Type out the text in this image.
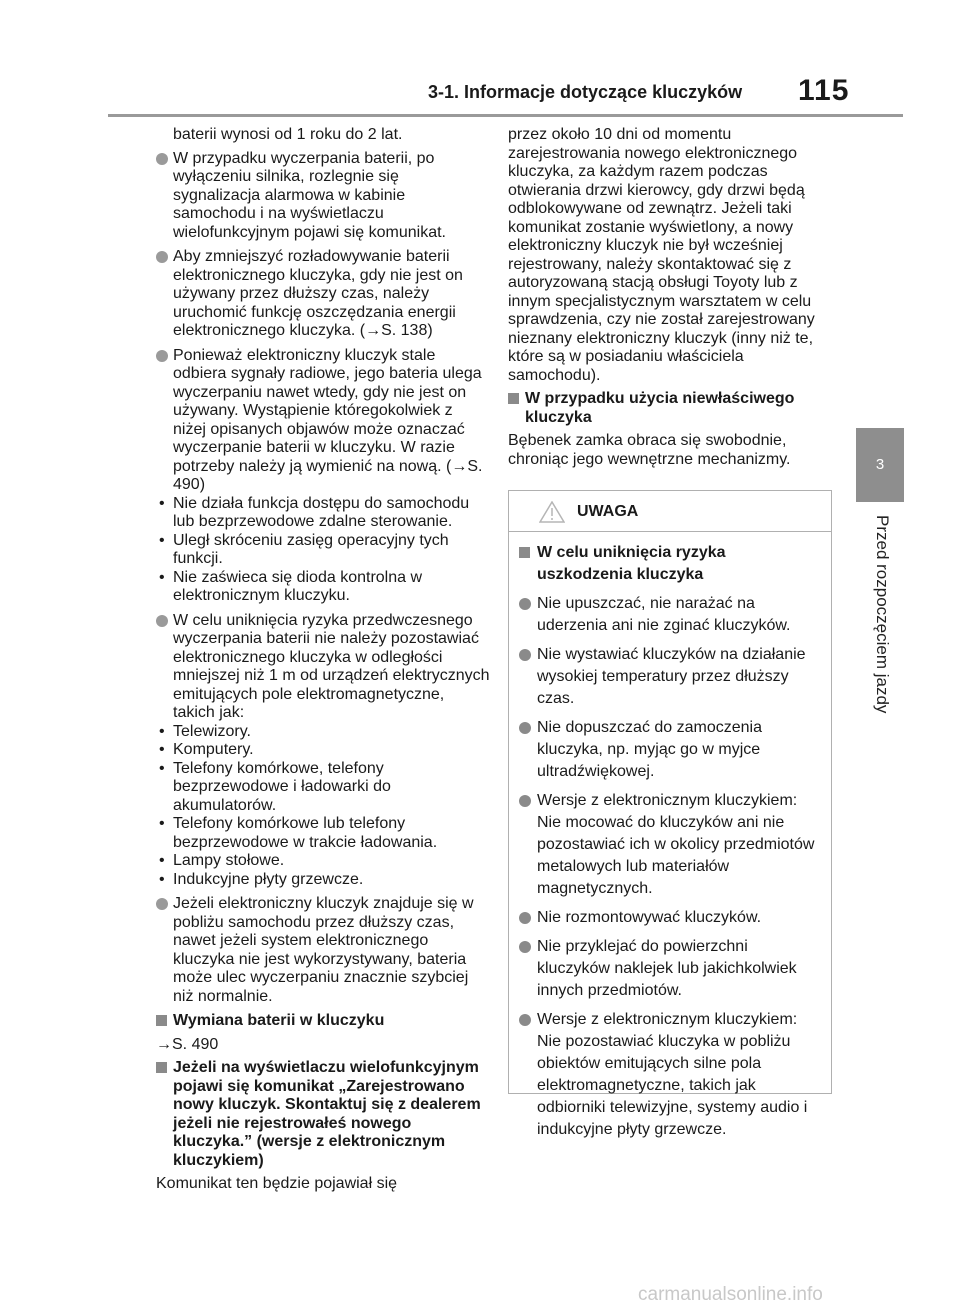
3-1. Informacje dotyczące kluczyków 115
3
Przed rozpoczęciem jazdy

baterii wynosi od 1 roku do 2 lat.

W przypadku wyczerpania baterii, po wyłączeniu silnika, rozlegnie się sygnalizacja alarmowa w kabinie samochodu i na wyświetlaczu wielofunkcyjnym pojawi się komunikat.

Aby zmniejszyć rozładowywanie baterii elektronicznego kluczyka, gdy nie jest on używany przez dłuższy czas, należy uruchomić funkcję oszczędzania energii elektronicznego kluczyka. (→S. 138)

Ponieważ elektroniczny kluczyk stale odbiera sygnały radiowe, jego bateria ulega wyczerpaniu nawet wtedy, gdy nie jest on używany. Wystąpienie któregokolwiek z niżej opisanych objawów może oznaczać wyczerpanie baterii w kluczyku. W razie potrzeby należy ją wymienić na nową. (→S. 490)

• Nie działa funkcja dostępu do samochodu lub bezprzewodowe zdalne sterowanie.

• Uległ skróceniu zasięg operacyjny tych funkcji.

• Nie zaświeca się dioda kontrolna w elektronicznym kluczyku.

W celu uniknięcia ryzyka przedwczesnego wyczerpania baterii nie należy pozostawiać elektronicznego kluczyka w odległości mniejszej niż 1 m od urządzeń elektrycznych emitujących pole elektromagnetyczne, takich jak:

• Telewizory.

• Komputery.

• Telefony komórkowe, telefony bezprzewodowe i ładowarki do akumulatorów.

• Telefony komórkowe lub telefony bezprzewodowe w trakcie ładowania.

• Lampy stołowe.

• Indukcyjne płyty grzewcze.

Jeżeli elektroniczny kluczyk znajduje się w pobliżu samochodu przez dłuższy czas, nawet jeżeli system elektronicznego kluczyka nie jest wykorzystywany, bateria może ulec wyczerpaniu znacznie szybciej niż normalnie.

Wymiana baterii w kluczyku

→S. 490

Jeżeli na wyświetlaczu wielofunkcyjnym pojawi się komunikat „Zarejestrowano nowy kluczyk. Skontaktuj się z dealerem jeżeli nie rejestrowałeś nowego kluczyka.” (wersje z elektronicznym kluczykiem)

Komunikat ten będzie pojawiał się

przez około 10 dni od momentu zarejestrowania nowego elektronicznego kluczyka, za każdym razem podczas otwierania drzwi kierowcy, gdy drzwi będą odblokowywane od zewnątrz. Jeżeli taki komunikat zostanie wyświetlony, a nowy elektroniczny kluczyk nie był wcześniej rejestrowany, należy skontaktować się z autoryzowaną stacją obsługi Toyoty lub z innym specjalistycznym warsztatem w celu sprawdzenia, czy nie został zarejestrowany nieznany elektroniczny kluczyk (inny niż te, które są w posiadaniu właściciela samochodu).

W przypadku użycia niewłaściwego kluczyka

Bębenek zamka obraca się swobodnie, chroniąc jego wewnętrzne mechanizmy.

UWAGA

W celu uniknięcia ryzyka uszkodzenia kluczyka

Nie upuszczać, nie narażać na uderzenia ani nie zginać kluczyków.

Nie wystawiać kluczyków na działanie wysokiej temperatury przez dłuższy czas.

Nie dopuszczać do zamoczenia kluczyka, np. myjąc go w myjce ultradźwiękowej.

Wersje z elektronicznym kluczykiem: Nie mocować do kluczyków ani nie pozostawiać ich w okolicy przedmiotów metalowych lub materiałów magnetycznych.

Nie rozmontowywać kluczyków.

Nie przyklejać do powierzchni kluczyków naklejek lub jakichkolwiek innych przedmiotów.

Wersje z elektronicznym kluczykiem: Nie pozostawiać kluczyka w pobliżu obiektów emitujących silne pola elektromagnetyczne, takich jak odbiorniki telewizyjne, systemy audio i indukcyjne płyty grzewcze.

carmanualsonline.info
